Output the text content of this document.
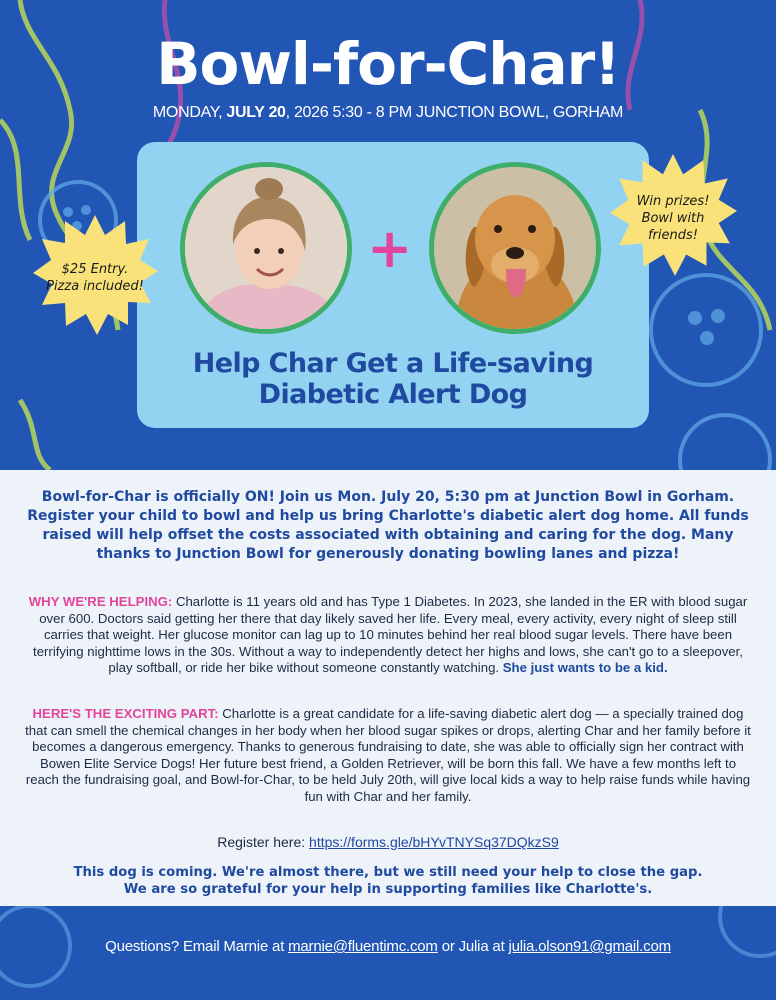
Bowl-for-Char!
MONDAY, JULY 20, 2026 5:30 - 8 PM JUNCTION BOWL, GORHAM
+
Help Char Get a Life-saving
Diabetic Alert Dog
$25 Entry.
Pizza included!
Win prizes!
Bowl with
friends!
Bowl-for-Char is officially ON! Join us Mon. July 20, 5:30 pm at Junction Bowl in Gorham. Register your child to bowl and help us bring Charlotte's diabetic alert dog home. All funds raised will help offset the costs associated with obtaining and caring for the dog. Many thanks to Junction Bowl for generously donating bowling lanes and pizza!
WHY WE'RE HELPING: Charlotte is 11 years old and has Type 1 Diabetes. In 2023, she landed in the ER with blood sugar over 600. Doctors said getting her there that day likely saved her life. Every meal, every activity, every night of sleep still carries that weight. Her glucose monitor can lag up to 10 minutes behind her real blood sugar levels. There have been terrifying nighttime lows in the 30s. Without a way to independently detect her highs and lows, she can't go to a sleepover, play softball, or ride her bike without someone constantly watching. She just wants to be a kid.
HERE'S THE EXCITING PART: Charlotte is a great candidate for a life-saving diabetic alert dog — a specially trained dog that can smell the chemical changes in her body when her blood sugar spikes or drops, alerting Char and her family before it becomes a dangerous emergency. Thanks to generous fundraising to date, she was able to officially sign her contract with Bowen Elite Service Dogs! Her future best friend, a Golden Retriever, will be born this fall. We have a few months left to reach the fundraising goal, and Bowl-for-Char, to be held July 20th, will give local kids a way to help raise funds while having fun with Char and her family.
Register here: https://forms.gle/bHYvTNYSq37DQkzS9
This dog is coming. We're almost there, but we still need your help to close the gap.
We are so grateful for your help in supporting families like Charlotte's.
Questions? Email Marnie at marnie@fluentimc.com or Julia at julia.olson91@gmail.com
